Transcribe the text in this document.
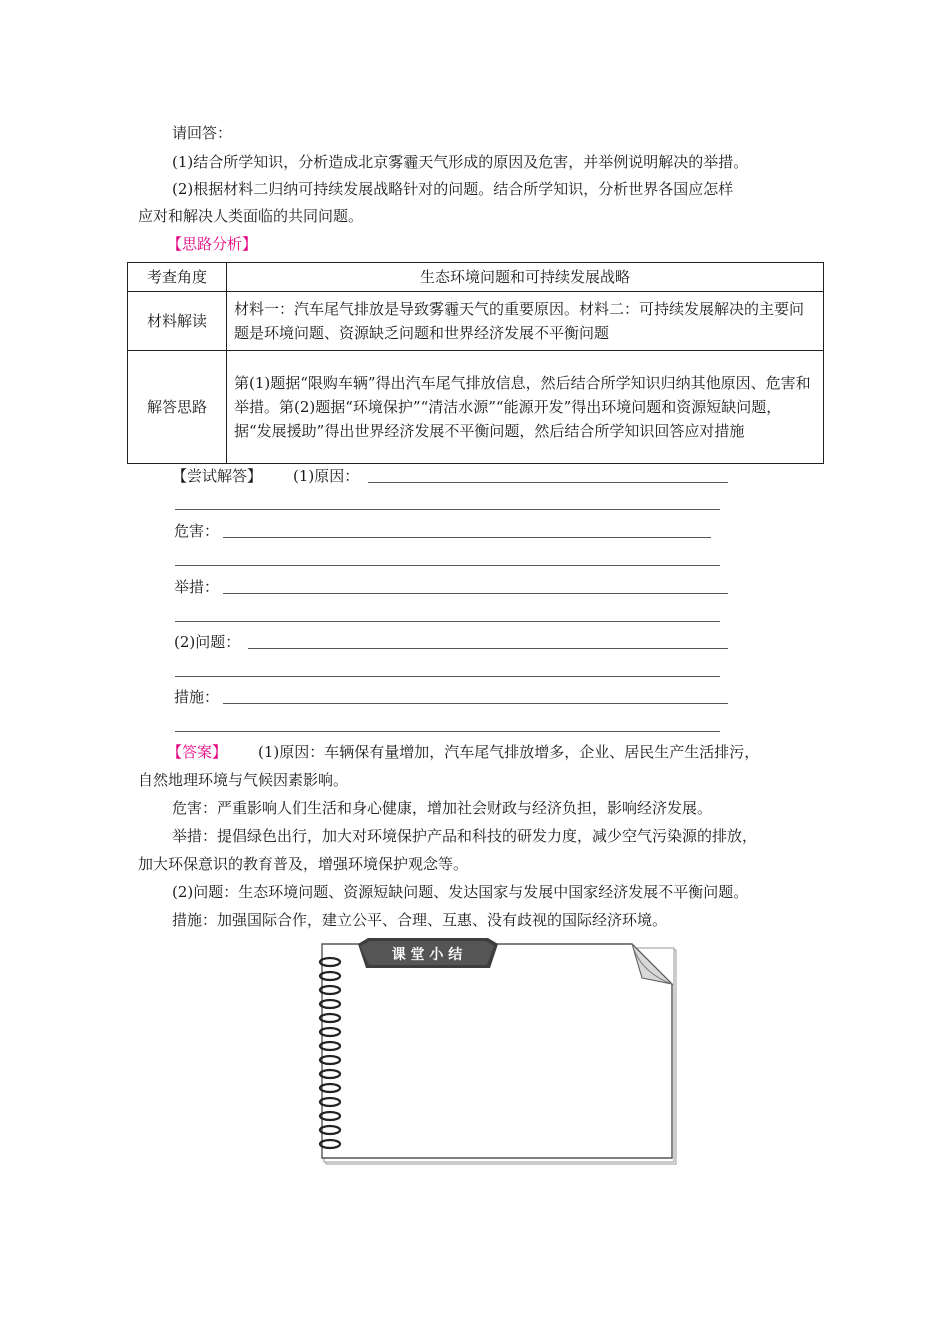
请回答：
(1)结合所学知识，分析造成北京雾霾天气形成的原因及危害，并举例说明解决的举措。
(2)根据材料二归纳可持续发展战略针对的问题。结合所学知识，分析世界各国应怎样
应对和解决人类面临的共同问题。
【思路分析】
考查角度	生态环境问题和可持续发展战略
材料解读	材料一：汽车尾气排放是导致雾霾天气的重要原因。材料二：可持续发展解决的主要问题是环境问题、资源缺乏问题和世界经济发展不平衡问题
解答思路	第(1)题据“限购车辆”得出汽车尾气排放信息，然后结合所学知识归纳其他原因、危害和举措。第(2)题据“环境保护”“清洁水源”“能源开发”得出环境问题和资源短缺问题，据“发展援助”得出世界经济发展不平衡问题，然后结合所学知识回答应对措施
【尝试解答】 (1)原因：
危害：
举措：
(2)问题：
措施：
【答案】 (1)原因：车辆保有量增加，汽车尾气排放增多，企业、居民生产生活排污，
自然地理环境与气候因素影响。
危害：严重影响人们生活和身心健康，增加社会财政与经济负担，影响经济发展。
举措：提倡绿色出行，加大对环境保护产品和科技的研发力度，减少空气污染源的排放，
加大环保意识的教育普及，增强环境保护观念等。
(2)问题：生态环境问题、资源短缺问题、发达国家与发展中国家经济发展不平衡问题。
措施：加强国际合作，建立公平、合理、互惠、没有歧视的国际经济环境。
课 堂 小 结
